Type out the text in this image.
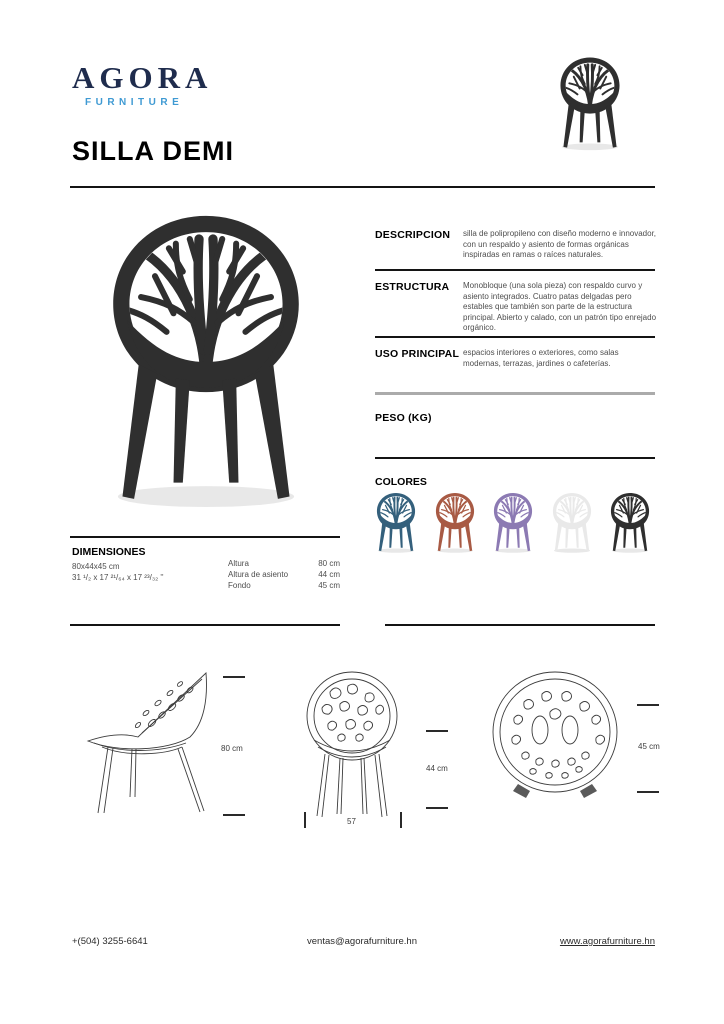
AGORA
FURNITURE
SILLA DEMI
DESCRIPCION	silla de polipropileno con diseño moderno e innovador, con un respaldo y asiento de formas orgánicas inspiradas en ramas o raíces naturales.
ESTRUCTURA	Monobloque (una sola pieza) con respaldo curvo y asiento integrados. Cuatro patas delgadas pero estables que también son parte de la estructura principal. Abierto y calado, con un patrón tipo enrejado orgánico.
USO PRINCIPAL espacios interiores o exteriores, como salas modernas, terrazas, jardines o cafeterías.
PESO (KG)
COLORES
DIMENSIONES
80x44x45 cm
31 ¹/₂ x 17 ²¹/₆₄ x 17 ²³/₃₂ ''
Altura	80 cm
Altura de asiento	44 cm
Fondo	45 cm
80 cm
44 cm
57
45 cm
+(504) 3255-6641	ventas@agorafurniture.hn	www.agorafurniture.hn
